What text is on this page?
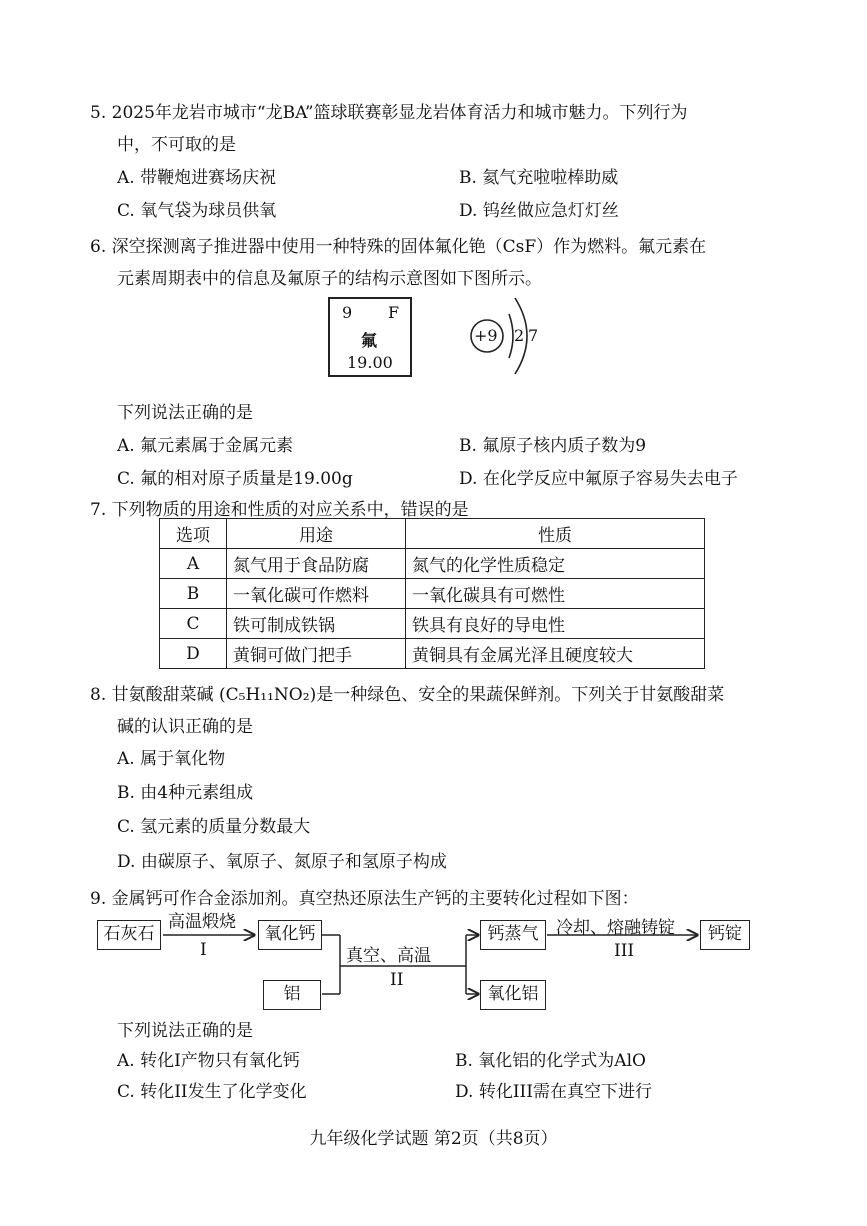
5. 2025年龙岩市城市“龙BA”篮球联赛彰显龙岩体育活力和城市魅力。下列行为
中，不可取的是
A. 带鞭炮进赛场庆祝	B. 氦气充啦啦棒助威
C. 氧气袋为球员供氧	D. 钨丝做应急灯灯丝
6. 深空探测离子推进器中使用一种特殊的固体氟化铯（CsF）作为燃料。氟元素在
元素周期表中的信息及氟原子的结构示意图如下图所示。
9 F
氟
19.00
+9 2 7
下列说法正确的是
A. 氟元素属于金属元素	B. 氟原子核内质子数为9
C. 氟的相对原子质量是19.00g	D. 在化学反应中氟原子容易失去电子
7. 下列物质的用途和性质的对应关系中，错误的是
选项	用途	性质
A	氮气用于食品防腐	氮气的化学性质稳定
B	一氧化碳可作燃料	一氧化碳具有可燃性
C	铁可制成铁锅	铁具有良好的导电性
D	黄铜可做门把手	黄铜具有金属光泽且硬度较大
8. 甘氨酸甜菜碱 (C₅H₁₁NO₂)是一种绿色、安全的果蔬保鲜剂。下列关于甘氨酸甜菜
碱的认识正确的是
A. 属于氧化物
B. 由4种元素组成
C. 氢元素的质量分数最大
D. 由碳原子、氧原子、氮原子和氢原子构成
9. 金属钙可作合金添加剂。真空热还原法生产钙的主要转化过程如下图：
石灰石
高温煅烧
I
氧化钙
铝
真空、高温
II
钙蒸气
氧化铝
冷却、熔融铸锭
III
钙锭
下列说法正确的是
A. 转化I产物只有氧化钙	B. 氧化铝的化学式为AlO
C. 转化II发生了化学变化	D. 转化III需在真空下进行
九年级化学试题 第2页（共8页）
